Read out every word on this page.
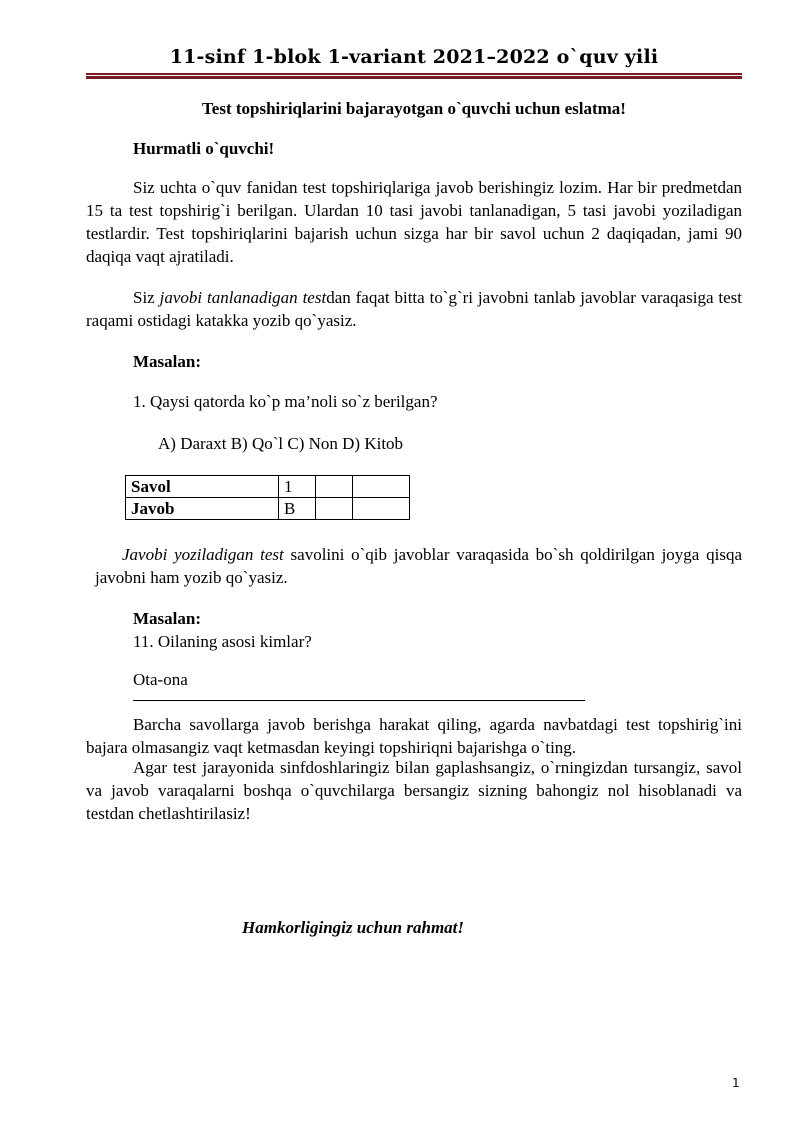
11-sinf 1-blok 1-variant 2021–2022 o`quv yili

Test topshiriqlarini bajarayotgan o`quvchi uchun eslatma!

Hurmatli o`quvchi!

Siz uchta o`quv fanidan test topshiriqlariga javob berishingiz lozim. Har bir predmetdan 15 ta test topshirig`i berilgan. Ulardan 10 tasi javobi tanlanadigan, 5 tasi javobi yoziladigan testlardir. Test topshiriqlarini bajarish uchun sizga har bir savol uchun 2 daqiqadan, jami 90 daqiqa vaqt ajratiladi.

Siz javobi tanlanadigan testdan faqat bitta to`g`ri javobni tanlab javoblar varaqasiga test raqami ostidagi katakka yozib qo`yasiz.

Masalan:

1. Qaysi qatorda ko`p ma’noli so`z berilgan?

A) Daraxt B) Qo`l C) Non D) Kitob

Savol	1		
Javob	B		

Javobi yoziladigan test savolini o`qib javoblar varaqasida bo`sh qoldirilgan joyga qisqa javobni ham yozib qo`yasiz.

Masalan:

11. Oilaning asosi kimlar?

Ota-ona

Barcha savollarga javob berishga harakat qiling, agarda navbatdagi test topshirig`ini bajara olmasangiz vaqt ketmasdan keyingi topshiriqni bajarishga o`ting.

Agar test jarayonida sinfdoshlaringiz bilan gaplashsangiz, o`rningizdan tursangiz, savol va javob varaqalarni boshqa o`quvchilarga bersangiz sizning bahongiz nol hisoblanadi va testdan chetlashtirilasiz!

Hamkorligingiz uchun rahmat!

1
